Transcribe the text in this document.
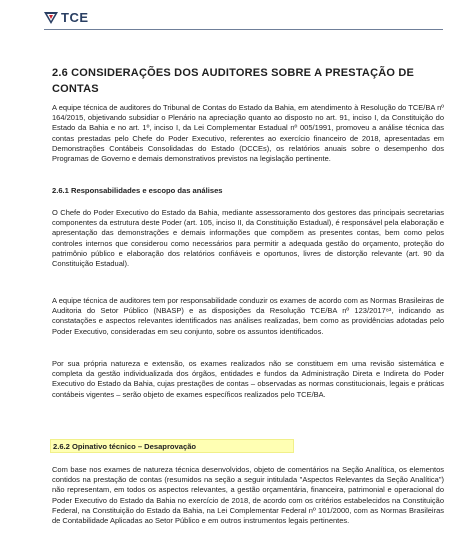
TCE
2.6 CONSIDERAÇÕES DOS AUDITORES SOBRE A PRESTAÇÃO DE CONTAS

A equipe técnica de auditores do Tribunal de Contas do Estado da Bahia, em atendimento à Resolução do TCE/BA nº 164/2015, objetivando subsidiar o Plenário na apreciação quanto ao disposto no art. 91, inciso I, da Constituição do Estado da Bahia e no art. 1º, inciso I, da Lei Complementar Estadual nº 005/1991, promoveu a análise técnica das contas prestadas pelo Chefe do Poder Executivo, referentes ao exercício financeiro de 2018, apresentadas em Demonstrações Contábeis Consolidadas do Estado (DCCEs), os relatórios anuais sobre o desempenho dos Programas de Governo e demais demonstrativos previstos na legislação pertinente.

2.6.1 Responsabilidades e escopo das análises

O Chefe do Poder Executivo do Estado da Bahia, mediante assessoramento dos gestores das principais secretarias componentes da estrutura deste Poder (art. 105, inciso II, da Constituição Estadual), é responsável pela elaboração e apresentação das demonstrações e demais informações que compõem as presentes contas, bem como pelos controles internos que considerou como necessários para permitir a adequada gestão do orçamento, proteção do patrimônio público e elaboração dos relatórios confiáveis e oportunos, livres de distorção relevante (art. 90 da Constituição Estadual).

A equipe técnica de auditores tem por responsabilidade conduzir os exames de acordo com as Normas Brasileiras de Auditoria do Setor Público (NBASP) e as disposições da Resolução TCE/BA nº 123/2017⁸³, indicando as constatações e aspectos relevantes identificados nas análises realizadas, bem como as providências adotadas pelo Poder Executivo, consideradas em seu conjunto, sobre os assuntos identificados.

Por sua própria natureza e extensão, os exames realizados não se constituem em uma revisão sistemática e completa da gestão individualizada dos órgãos, entidades e fundos da Administração Direta e Indireta do Poder Executivo do Estado da Bahia, cujas prestações de contas – observadas as normas constitucionais, legais e práticas contábeis vigentes – serão objeto de exames específicos realizados pelo TCE/BA.

2.6.2 Opinativo técnico – Desaprovação

Com base nos exames de natureza técnica desenvolvidos, objeto de comentários na Seção Analítica, os elementos contidos na prestação de contas (resumidos na seção a seguir intitulada "Aspectos Relevantes da Seção Analítica") não representam, em todos os aspectos relevantes, a gestão orçamentária, financeira, patrimonial e operacional do Poder Executivo do Estado da Bahia no exercício de 2018, de acordo com os critérios estabelecidos na Constituição Federal, na Constituição do Estado da Bahia, na Lei Complementar Federal nº 101/2000, com as Normas Brasileiras de Contabilidade Aplicadas ao Setor Público e em outros instrumentos legais pertinentes.
